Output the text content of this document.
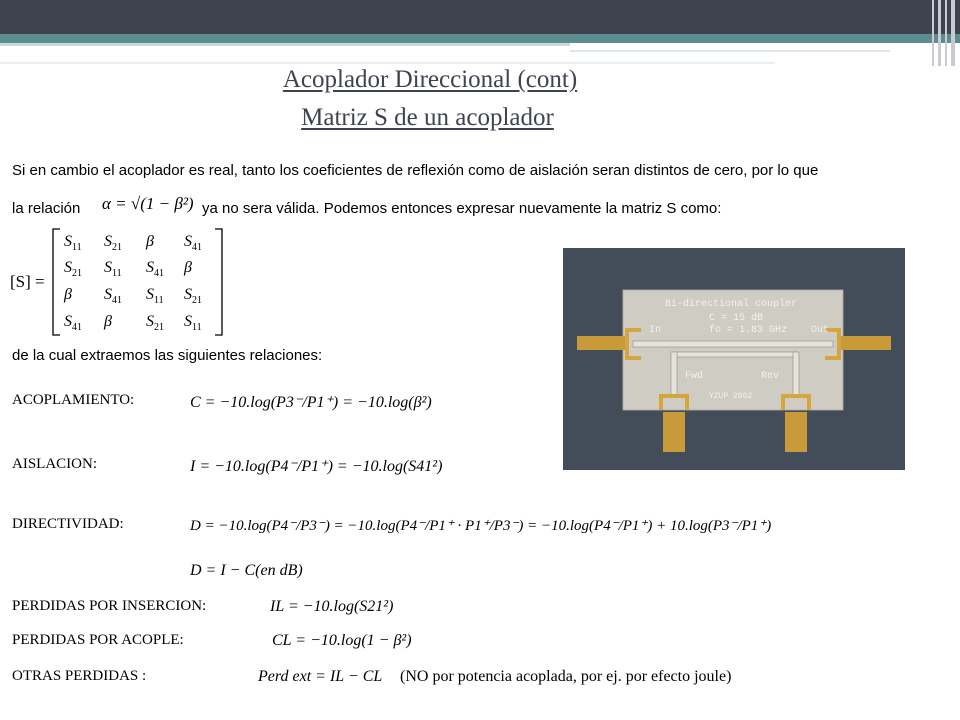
Acoplador Direccional (cont)
Matriz S de un acoplador
Si en cambio el acoplador es real, tanto los coeficientes de reflexión como de aislación seran distintos de cero, por lo que
la relación α = √(1 − β²) ya no sera válida. Podemos entonces expresar nuevamente la matriz S como:
[S] =
$S_{11}$ $S_{21}$ β $S_{41}$
$S_{21}$ $S_{11}$ $S_{41}$ β
β $S_{41}$ $S_{11}$ $S_{21}$
$S_{41}$ β $S_{21}$ $S_{11}$
de la cual extraemos las siguientes relaciones:
ACOPLAMIENTO:
AISLACION:
DIRECTIVIDAD:
PERDIDAS POR INSERCION:
PERDIDAS POR ACOPLE:
OTRAS PERDIDAS :
C = −10.log(P3⁻/P1⁺) = −10.log(β²)
I = −10.log(P4⁻/P1⁺) = −10.log(S41²)
D = −10.log(P4⁻/P3⁻) = −10.log(P4⁻/P1⁺ · P1⁺/P3⁻) = −10.log(P4⁻/P1⁺) + 10.log(P3⁻/P1⁺)
D = I − C(en dB)
IL = −10.log(S21²)
CL = −10.log(1 − β²)
Perd ext = IL − CL (NO por potencia acoplada, por ej. por efecto joule)
Bi-directional coupler
C = 15 dB
In	fo = 1.83 GHz Out
Fwd	Rev
YZUP 2002
